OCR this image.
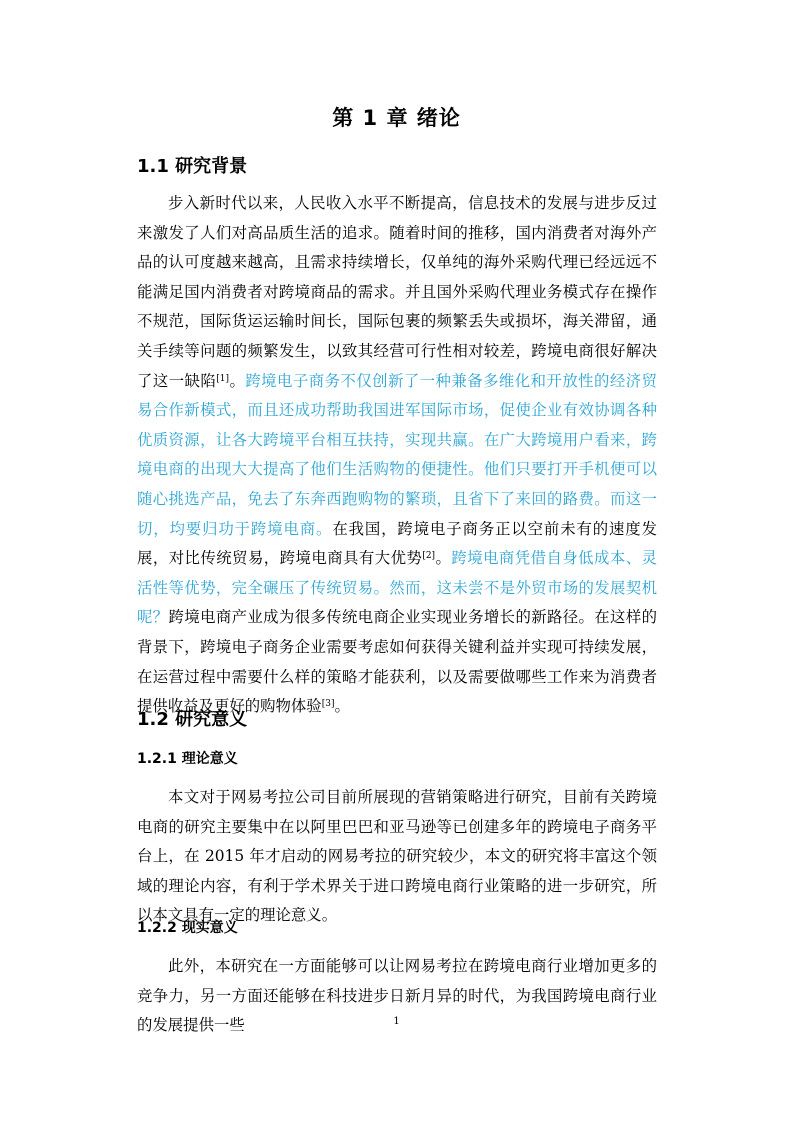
第 1 章 绪论
1.1 研究背景

步入新时代以来，人民收入水平不断提高，信息技术的发展与进步反过来激发了人们对高品质生活的追求。随着时间的推移，国内消费者对海外产品的认可度越来越高，且需求持续增长，仅单纯的海外采购代理已经远远不能满足国内消费者对跨境商品的需求。并且国外采购代理业务模式存在操作不规范，国际货运运输时间长，国际包裹的频繁丢失或损坏，海关滞留，通关手续等问题的频繁发生，以致其经营可行性相对较差，跨境电商很好解决了这一缺陷[1]。跨境电子商务不仅创新了一种兼备多维化和开放性的经济贸易合作新模式，而且还成功帮助我国进军国际市场，促使企业有效协调各种优质资源，让各大跨境平台相互扶持，实现共赢。在广大跨境用户看来，跨境电商的出现大大提高了他们生活购物的便捷性。他们只要打开手机便可以随心挑选产品，免去了东奔西跑购物的繁琐，且省下了来回的路费。而这一切，均要归功于跨境电商。在我国，跨境电子商务正以空前未有的速度发展，对比传统贸易，跨境电商具有大优势[2]。跨境电商凭借自身低成本、灵活性等优势，完全碾压了传统贸易。然而，这未尝不是外贸市场的发展契机呢？跨境电商产业成为很多传统电商企业实现业务增长的新路径。在这样的背景下，跨境电子商务企业需要考虑如何获得关键利益并实现可持续发展，在运营过程中需要什么样的策略才能获利，以及需要做哪些工作来为消费者提供收益及更好的购物体验[3]。

1.2 研究意义
1.2.1 理论意义

本文对于网易考拉公司目前所展现的营销策略进行研究，目前有关跨境电商的研究主要集中在以阿里巴巴和亚马逊等已创建多年的跨境电子商务平台上，在 2015 年才启动的网易考拉的研究较少，本文的研究将丰富这个领域的理论内容，有利于学术界关于进口跨境电商行业策略的进一步研究，所以本文具有一定的理论意义。

1.2.2 现实意义

此外，本研究在一方面能够可以让网易考拉在跨境电商行业增加更多的竞争力，另一方面还能够在科技进步日新月异的时代，为我国跨境电商行业的发展提供一些	1
